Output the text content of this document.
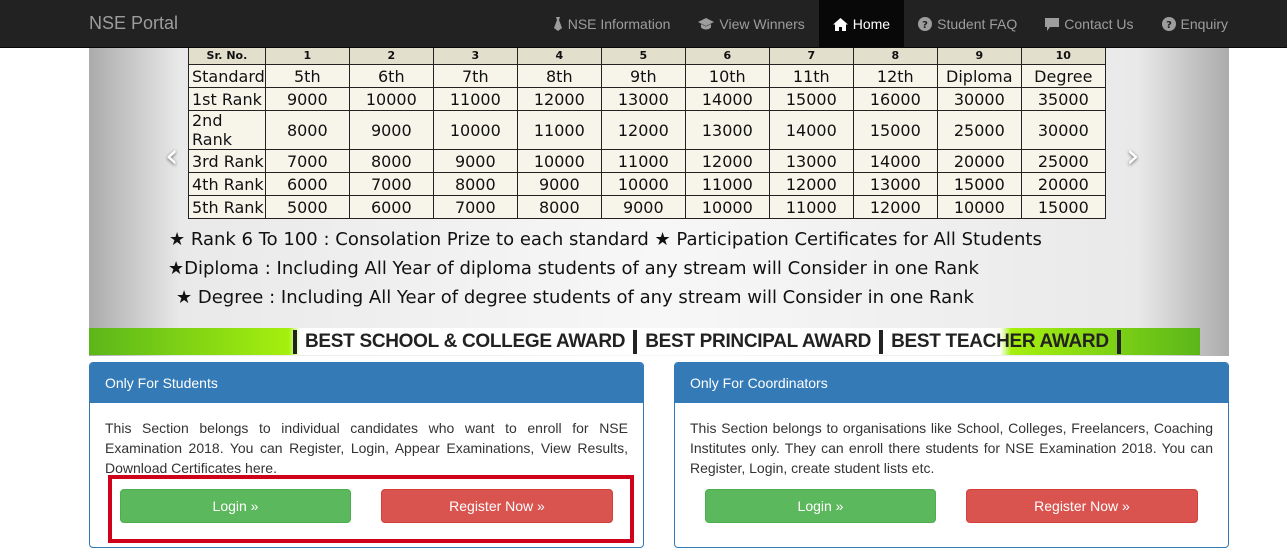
NSE Portal	NSE Information	View Winners	Home	? Student FAQ	Contact Us	? Enquiry
Sr. No.	1	2	3	4	5	6	7	8	9	10
Standard	5th	6th	7th	8th	9th	10th	11th	12th	Diploma	Degree
1st Rank	9000	10000	11000	12000	13000	14000	15000	16000	30000	35000
2nd Rank	8000	9000	10000	11000	12000	13000	14000	15000	25000	30000
3rd Rank	7000	8000	9000	10000	11000	12000	13000	14000	20000	25000
4th Rank	6000	7000	8000	9000	10000	11000	12000	13000	15000	20000
5th Rank	5000	6000	7000	8000	9000	10000	11000	12000	10000	15000
★ Rank 6 To 100 : Consolation Prize to each standard ★ Participation Certificates for All Students
★Diploma : Including All Year of diploma students of any stream will Consider in one Rank
★ Degree : Including All Year of degree students of any stream will Consider in one Rank
BEST SCHOOL & COLLEGE AWARD BEST PRINCIPAL AWARD BEST TEACHER AWARD
‹	›
Only For Students
This Section belongs to individual candidates who want to enroll for NSE Examination 2018. You can Register, Login, Appear Examinations, View Results, Download Certificates here.
Login »	Register Now »
Only For Coordinators
This Section belongs to organisations like School, Colleges, Freelancers, Coaching Institutes only. They can enroll there students for NSE Examination 2018. You can Register, Login, create student lists etc.
Login »	Register Now »
